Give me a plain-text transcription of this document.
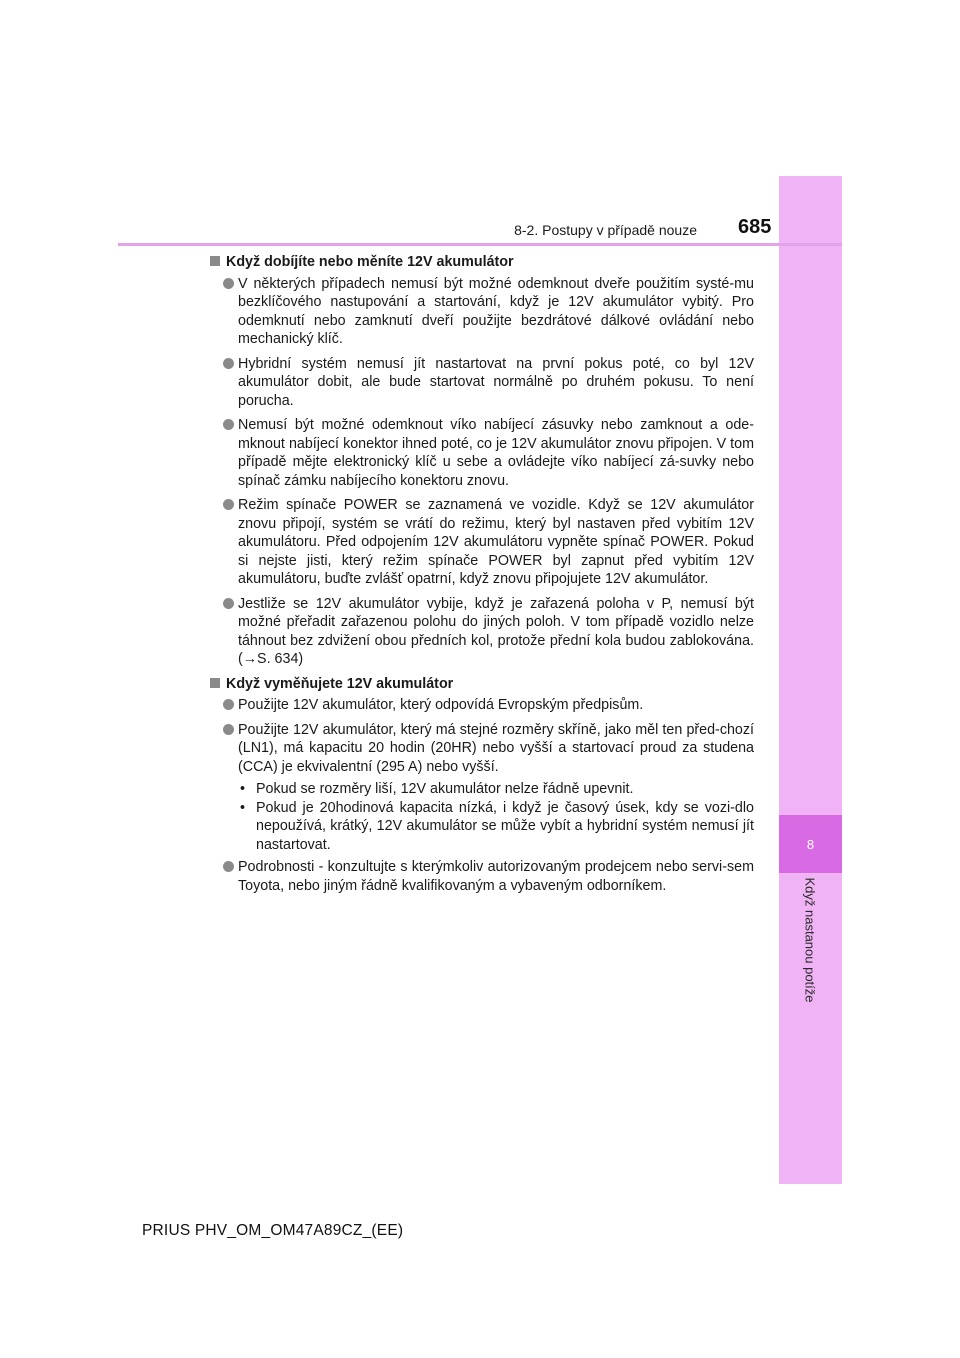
8
Když nastanou potíže
8-2. Postupy v případě nouze 685
Když dobíjíte nebo měníte 12V akumulátor
V některých případech nemusí být možné odemknout dveře použitím systé-mu bezklíčového nastupování a startování, když je 12V akumulátor vybitý. Pro odemknutí nebo zamknutí dveří použijte bezdrátové dálkové ovládání nebo mechanický klíč.
Hybridní systém nemusí jít nastartovat na první pokus poté, co byl 12V akumulátor dobit, ale bude startovat normálně po druhém pokusu. To není porucha.
Nemusí být možné odemknout víko nabíjecí zásuvky nebo zamknout a ode-mknout nabíjecí konektor ihned poté, co je 12V akumulátor znovu připojen. V tom případě mějte elektronický klíč u sebe a ovládejte víko nabíjecí zá-suvky nebo spínač zámku nabíjecího konektoru znovu.
Režim spínače POWER se zaznamená ve vozidle. Když se 12V akumulátor znovu připojí, systém se vrátí do režimu, který byl nastaven před vybitím 12V akumulátoru. Před odpojením 12V akumulátoru vypněte spínač POWER. Pokud si nejste jisti, který režim spínače POWER byl zapnut před vybitím 12V akumulátoru, buďte zvlášť opatrní, když znovu připojujete 12V akumulátor.
Jestliže se 12V akumulátor vybije, když je zařazená poloha v P, nemusí být možné přeřadit zařazenou polohu do jiných poloh. V tom případě vozidlo nelze táhnout bez zdvižení obou předních kol, protože přední kola budou zablokována. (→S. 634)
Když vyměňujete 12V akumulátor
Použijte 12V akumulátor, který odpovídá Evropským předpisům.
Použijte 12V akumulátor, který má stejné rozměry skříně, jako měl ten před-chozí (LN1), má kapacitu 20 hodin (20HR) nebo vyšší a startovací proud za studena (CCA) je ekvivalentní (295 A) nebo vyšší.
• Pokud se rozměry liší, 12V akumulátor nelze řádně upevnit.
• Pokud je 20hodinová kapacita nízká, i když je časový úsek, kdy se vozi-dlo nepoužívá, krátký, 12V akumulátor se může vybít a hybridní systém nemusí jít nastartovat.
Podrobnosti - konzultujte s kterýmkoliv autorizovaným prodejcem nebo servi-sem Toyota, nebo jiným řádně kvalifikovaným a vybaveným odborníkem.
PRIUS PHV_OM_OM47A89CZ_(EE)
